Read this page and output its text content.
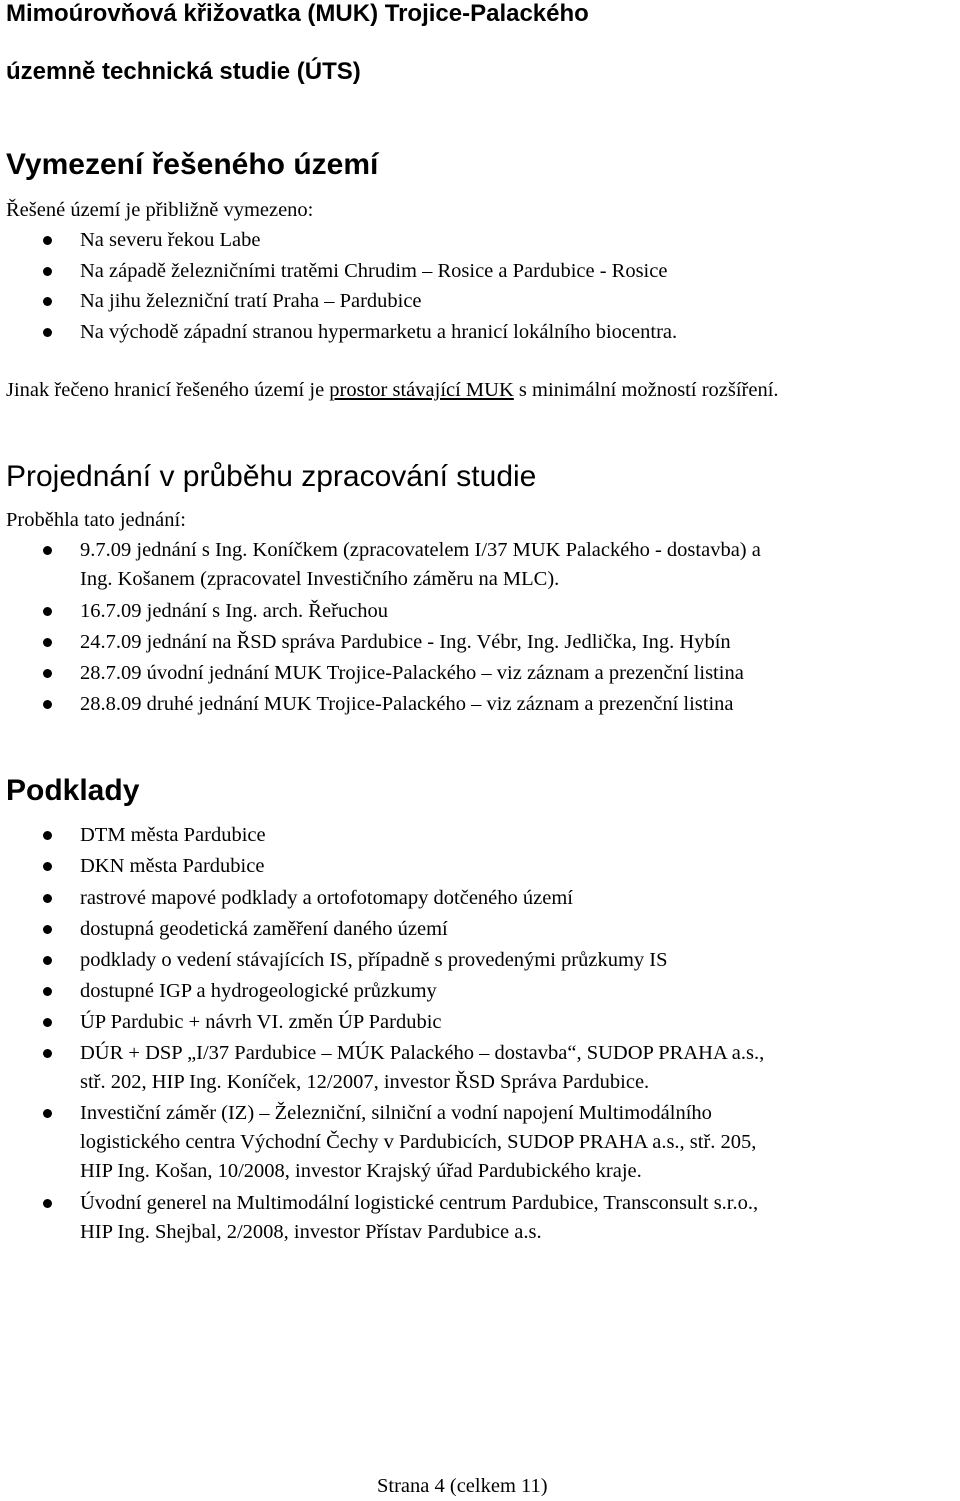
Mimoúrovňová křižovatka (MUK) Trojice-Palackého
územně technická studie (ÚTS)
Vymezení řešeného území
Řešené území je přibližně vymezeno:
Na severu řekou Labe
Na západě železničními tratěmi Chrudim – Rosice a Pardubice - Rosice
Na jihu železniční tratí Praha – Pardubice
Na východě západní stranou hypermarketu a hranicí lokálního biocentra.
Jinak řečeno hranicí řešeného území je prostor stávající MUK s minimální možností rozšíření.
Projednání v průběhu zpracování studie
Proběhla tato jednání:
9.7.09 jednání s Ing. Koníčkem (zpracovatelem I/37 MUK Palackého - dostavba) a
Ing. Košanem (zpracovatel Investičního záměru na MLC).
16.7.09 jednání s Ing. arch. Řeřuchou
24.7.09 jednání na ŘSD správa Pardubice - Ing. Vébr, Ing. Jedlička, Ing. Hybín
28.7.09 úvodní jednání MUK Trojice-Palackého – viz záznam a prezenční listina
28.8.09 druhé jednání MUK Trojice-Palackého – viz záznam a prezenční listina
Podklady
DTM města Pardubice
DKN města Pardubice
rastrové mapové podklady a ortofotomapy dotčeného území
dostupná geodetická zaměření daného území
podklady o vedení stávajících IS, případně s provedenými průzkumy IS
dostupné IGP a hydrogeologické průzkumy
ÚP Pardubic + návrh VI. změn ÚP Pardubic
DÚR + DSP „I/37 Pardubice – MÚK Palackého – dostavba“, SUDOP PRAHA a.s.,
stř. 202, HIP Ing. Koníček, 12/2007, investor ŘSD Správa Pardubice.
Investiční záměr (IZ) – Železniční, silniční a vodní napojení Multimodálního
logistického centra Východní Čechy v Pardubicích, SUDOP PRAHA a.s., stř. 205,
HIP Ing. Košan, 10/2008, investor Krajský úřad Pardubického kraje.
Úvodní generel na Multimodální logistické centrum Pardubice, Transconsult s.r.o.,
HIP Ing. Shejbal, 2/2008, investor Přístav Pardubice a.s.
Strana 4 (celkem 11)
